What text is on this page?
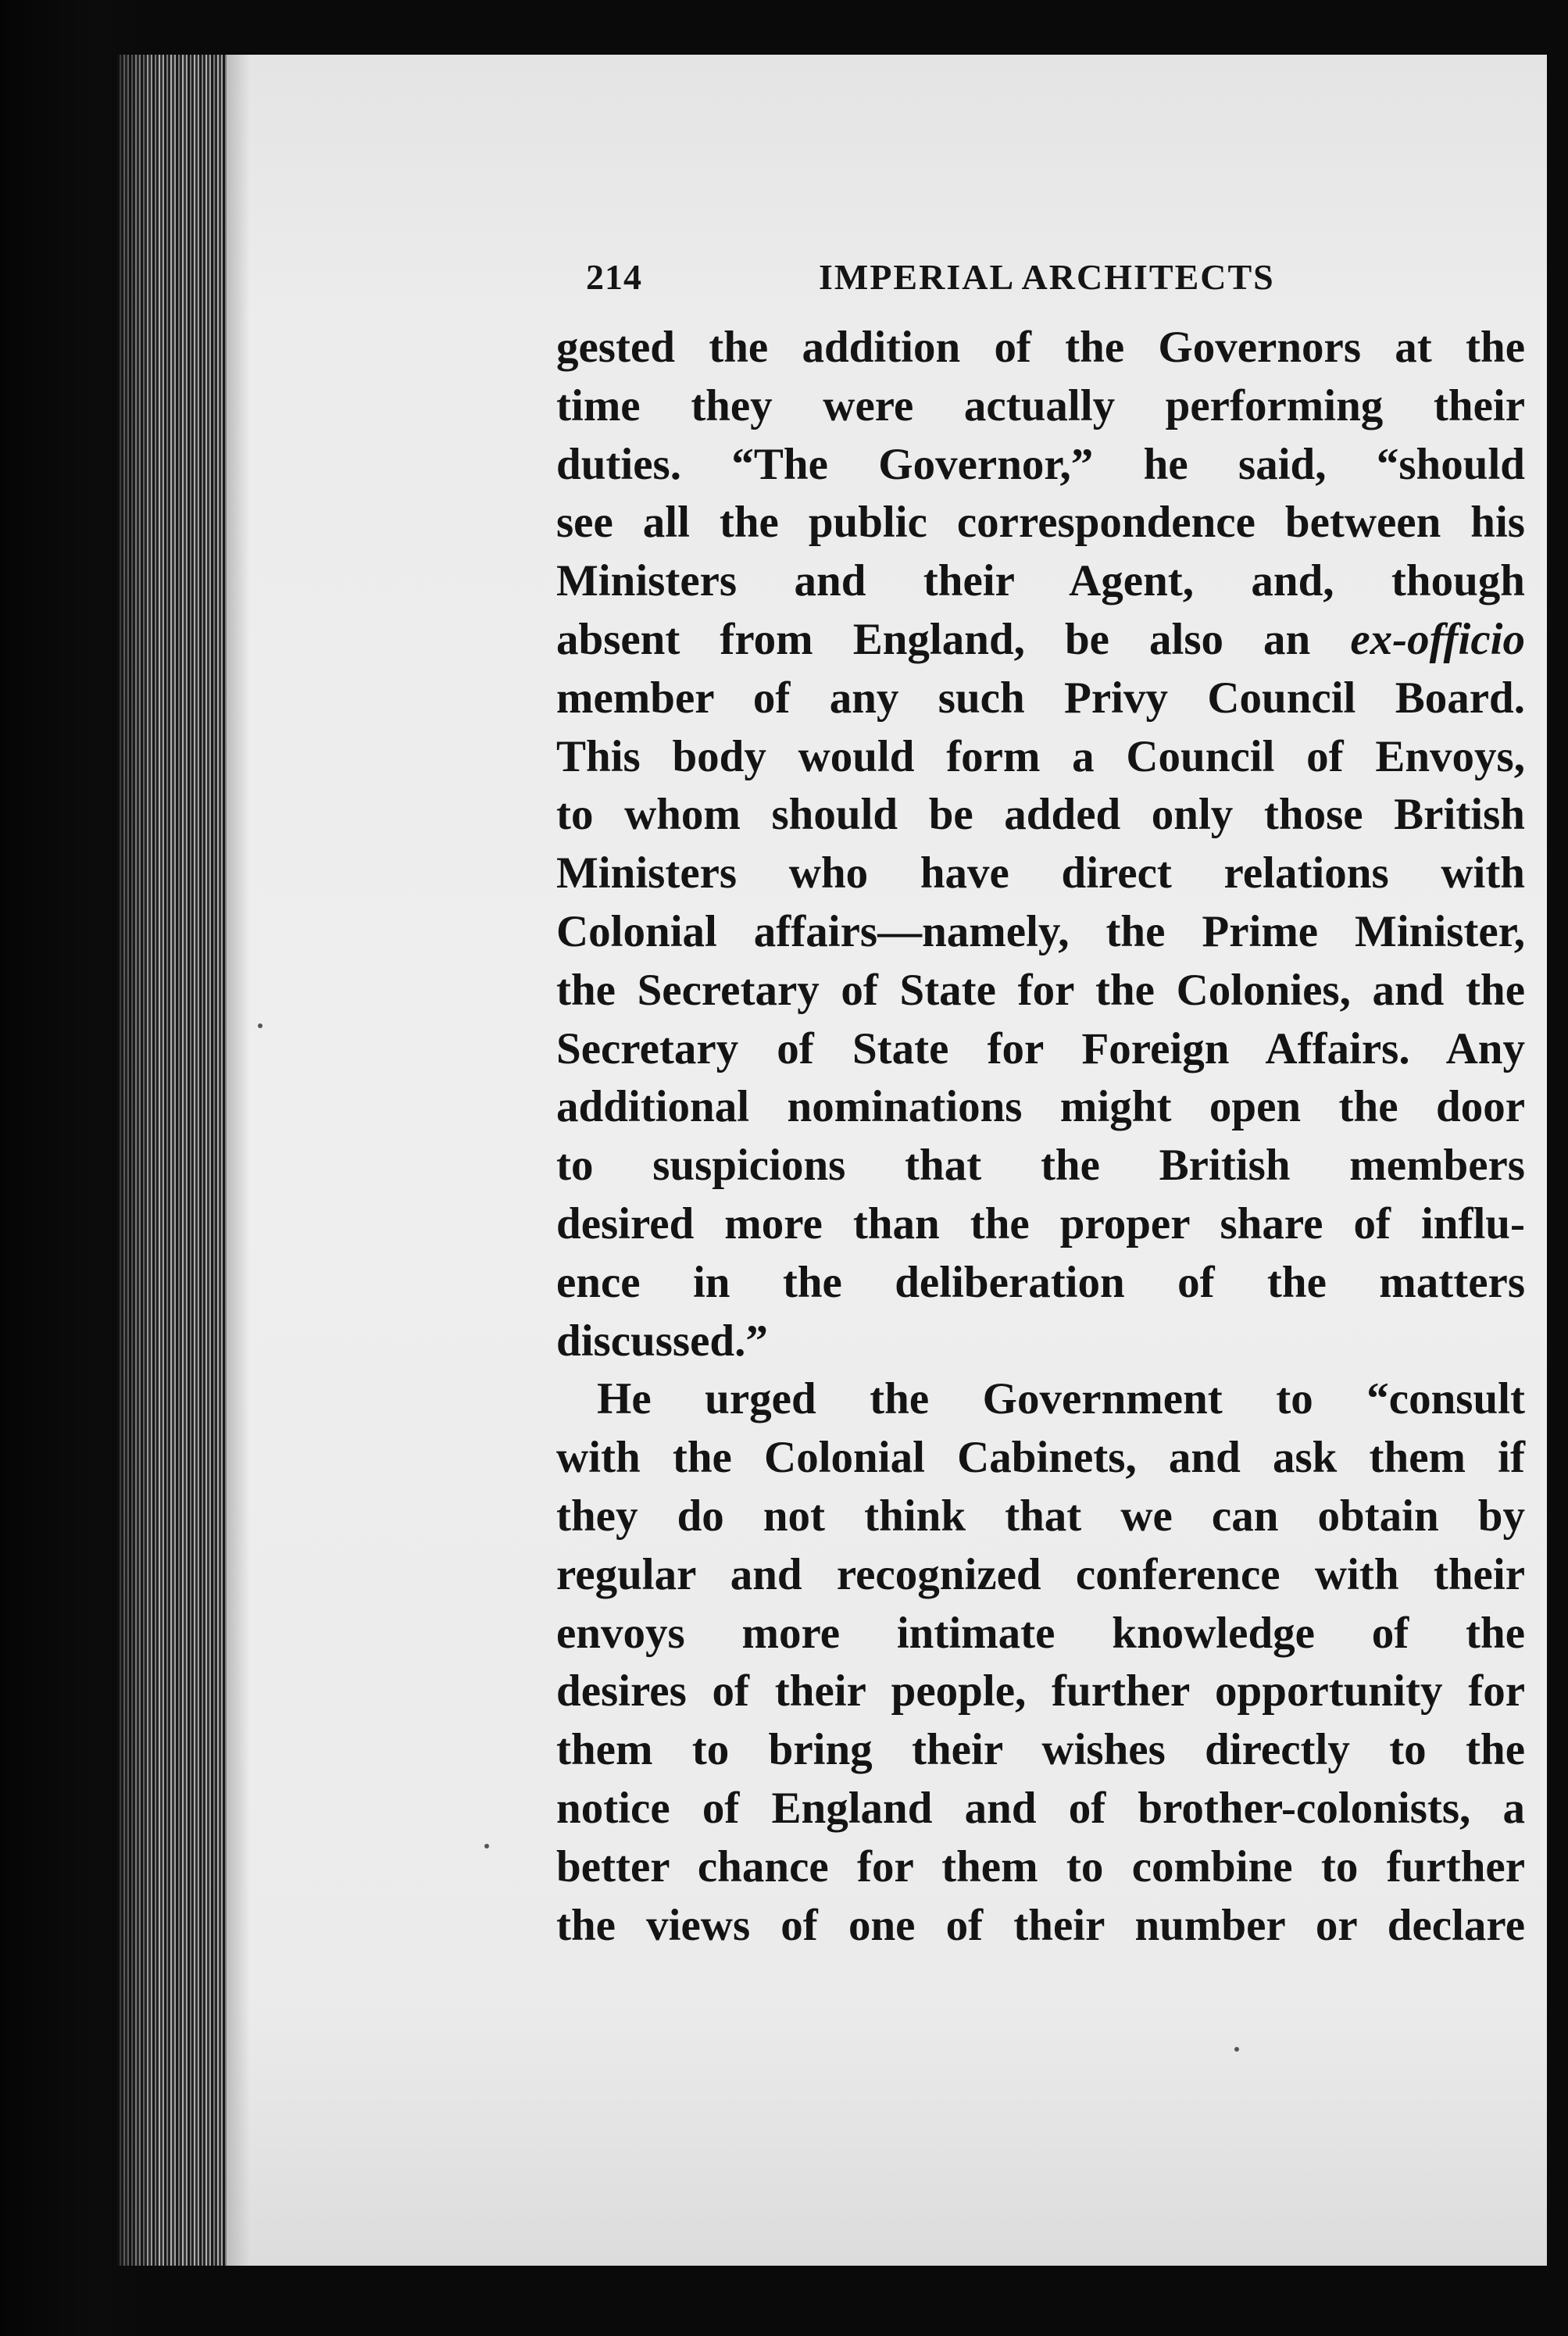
214	IMPERIAL ARCHITECTS
gested the addition of the Governors at the
time they were actually performing their
duties. “The Governor,” he said, “should
see all the public correspondence between his
Ministers and their Agent, and, though
absent from England, be also an ex-officio
member of any such Privy Council Board.
This body would form a Council of Envoys,
to whom should be added only those British
Ministers who have direct relations with
Colonial affairs—namely, the Prime Minister,
the Secretary of State for the Colonies, and the
Secretary of State for Foreign Affairs. Any
additional nominations might open the door
to suspicions that the British members
desired more than the proper share of influ-
ence in the deliberation of the matters
discussed.”
He urged the Government to “consult
with the Colonial Cabinets, and ask them if
they do not think that we can obtain by
regular and recognized conference with their
envoys more intimate knowledge of the
desires of their people, further opportunity for
them to bring their wishes directly to the
notice of England and of brother-colonists, a
better chance for them to combine to further
the views of one of their number or declare
